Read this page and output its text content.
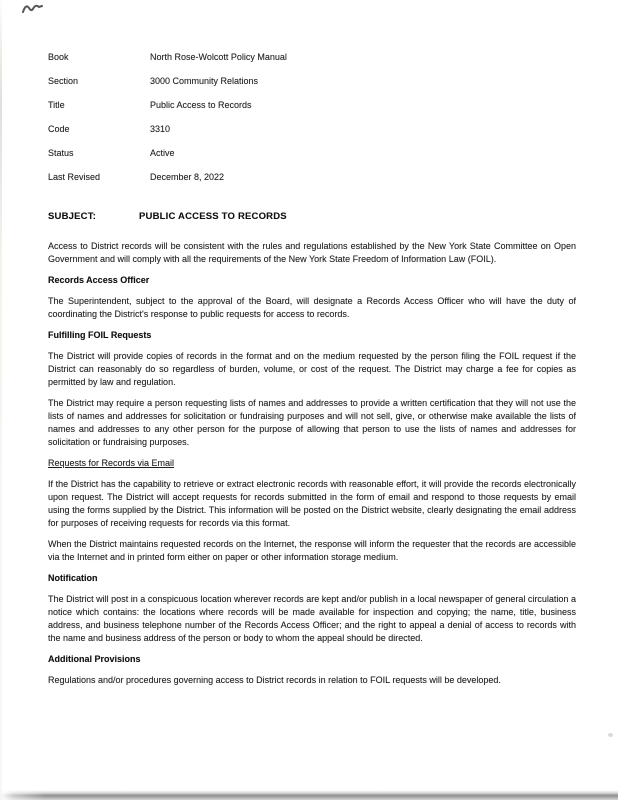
Book	North Rose-Wolcott Policy Manual
Section	3000 Community Relations
Title	Public Access to Records
Code	3310
Status	Active
Last Revised	December 8, 2022
SUBJECT:	PUBLIC ACCESS TO RECORDS

Access to District records will be consistent with the rules and regulations established by the New York State Committee on Open Government and will comply with all the requirements of the New York State Freedom of Information Law (FOIL).

Records Access Officer

The Superintendent, subject to the approval of the Board, will designate a Records Access Officer who will have the duty of coordinating the District's response to public requests for access to records.

Fulfilling FOIL Requests

The District will provide copies of records in the format and on the medium requested by the person filing the FOIL request if the District can reasonably do so regardless of burden, volume, or cost of the request. The District may charge a fee for copies as permitted by law and regulation.

The District may require a person requesting lists of names and addresses to provide a written certification that they will not use the lists of names and addresses for solicitation or fundraising purposes and will not sell, give, or otherwise make available the lists of names and addresses to any other person for the purpose of allowing that person to use the lists of names and addresses for solicitation or fundraising purposes.

Requests for Records via Email

If the District has the capability to retrieve or extract electronic records with reasonable effort, it will provide the records electronically upon request. The District will accept requests for records submitted in the form of email and respond to those requests by email using the forms supplied by the District. This information will be posted on the District website, clearly designating the email address for purposes of receiving requests for records via this format.

When the District maintains requested records on the Internet, the response will inform the requester that the records are accessible via the Internet and in printed form either on paper or other information storage medium.

Notification

The District will post in a conspicuous location wherever records are kept and/or publish in a local newspaper of general circulation a notice which contains: the locations where records will be made available for inspection and copying; the name, title, business address, and business telephone number of the Records Access Officer; and the right to appeal a denial of access to records with the name and business address of the person or body to whom the appeal should be directed.

Additional Provisions

Regulations and/or procedures governing access to District records in relation to FOIL requests will be developed.
